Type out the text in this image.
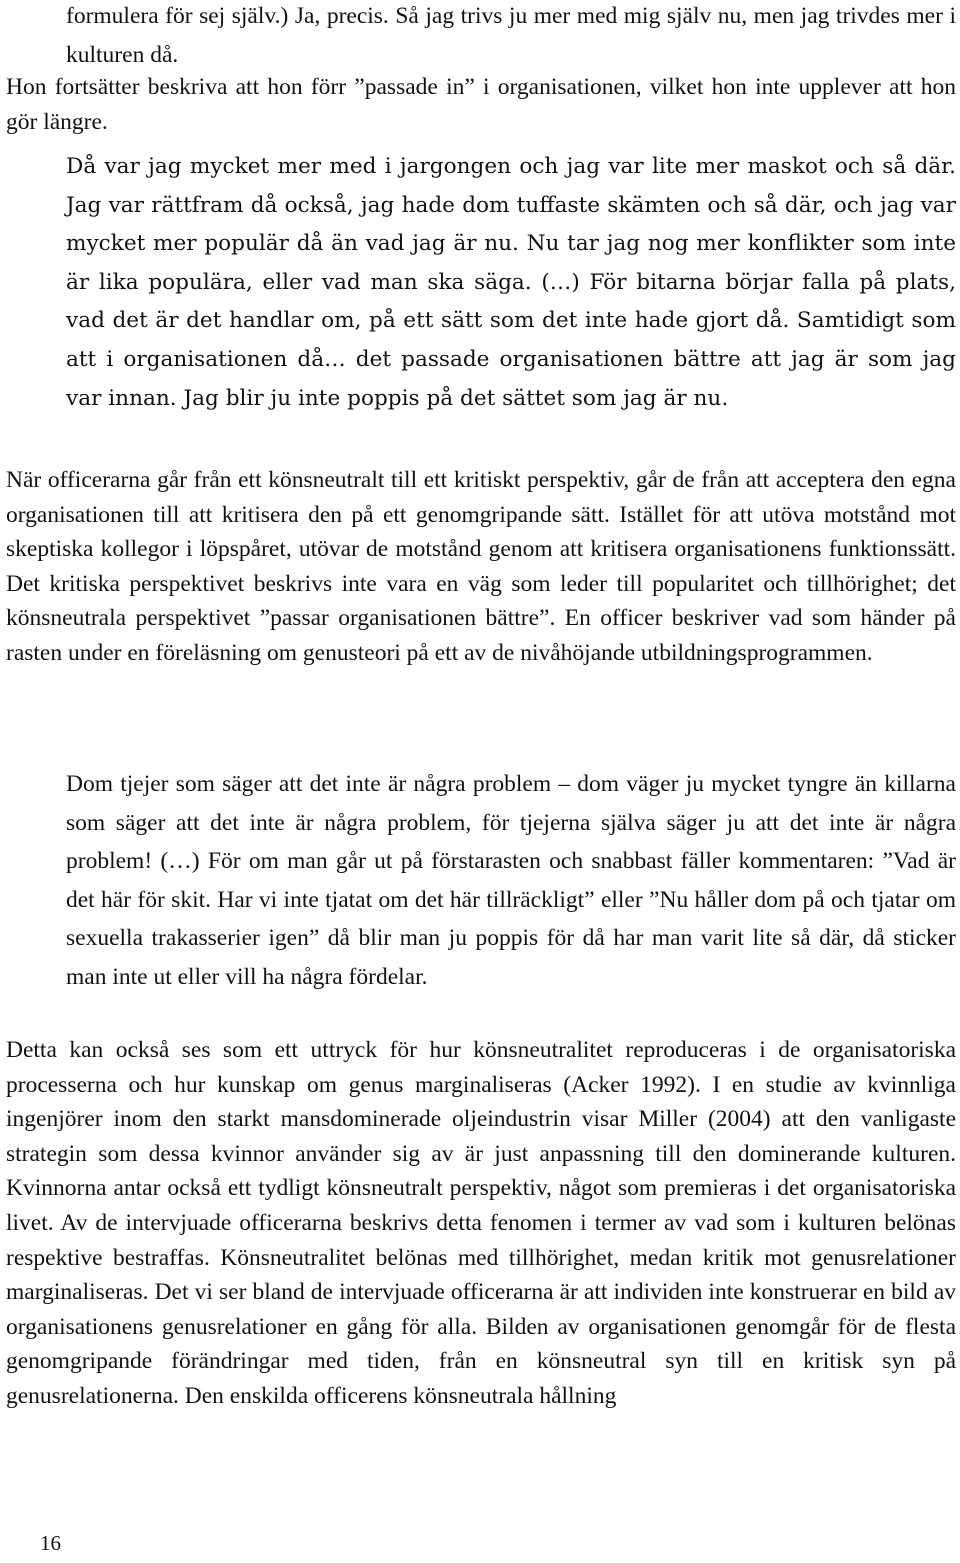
formulera för sej själv.) Ja, precis. Så jag trivs ju mer med mig själv nu, men jag trivdes mer i kulturen då.

Hon fortsätter beskriva att hon förr ”passade in” i organisationen, vilket hon inte upplever att hon gör längre.

Då var jag mycket mer med i jargongen och jag var lite mer maskot och så där. Jag var rättfram då också, jag hade dom tuffaste skämten och så där, och jag var mycket mer populär då än vad jag är nu. Nu tar jag nog mer konflikter som inte är lika populära, eller vad man ska säga. (…) För bitarna börjar falla på plats, vad det är det handlar om, på ett sätt som det inte hade gjort då. Samtidigt som att i organisationen då… det passade organisationen bättre att jag är som jag var innan. Jag blir ju inte poppis på det sättet som jag är nu.

När officerarna går från ett könsneutralt till ett kritiskt perspektiv, går de från att acceptera den egna organisationen till att kritisera den på ett genomgripande sätt. Istället för att utöva motstånd mot skeptiska kollegor i löpspåret, utövar de motstånd genom att kritisera organisationens funktionssätt. Det kritiska perspektivet beskrivs inte vara en väg som leder till popularitet och tillhörighet; det könsneutrala perspektivet ”passar organisationen bättre”. En officer beskriver vad som händer på rasten under en föreläsning om genusteori på ett av de nivåhöjande utbildningsprogrammen.

Dom tjejer som säger att det inte är några problem – dom väger ju mycket tyngre än killarna som säger att det inte är några problem, för tjejerna själva säger ju att det inte är några problem! (…) För om man går ut på förstarasten och snabbast fäller kommentaren: ”Vad är det här för skit. Har vi inte tjatat om det här tillräckligt” eller ”Nu håller dom på och tjatar om sexuella trakasserier igen” då blir man ju poppis för då har man varit lite så där, då sticker man inte ut eller vill ha några fördelar.

Detta kan också ses som ett uttryck för hur könsneutralitet reproduceras i de organisatoriska processerna och hur kunskap om genus marginaliseras (Acker 1992). I en studie av kvinnliga ingenjörer inom den starkt mansdominerade oljeindustrin visar Miller (2004) att den vanligaste strategin som dessa kvinnor använder sig av är just anpassning till den dominerande kulturen. Kvinnorna antar också ett tydligt könsneutralt perspektiv, något som premieras i det organisatoriska livet. Av de intervjuade officerarna beskrivs detta fenomen i termer av vad som i kulturen belönas respektive bestraffas. Könsneutralitet belönas med tillhörighet, medan kritik mot genusrelationer marginaliseras. Det vi ser bland de intervjuade officerarna är att individen inte konstruerar en bild av organisationens genusrelationer en gång för alla. Bilden av organisationen genomgår för de flesta genomgripande förändringar med tiden, från en könsneutral syn till en kritisk syn på genusrelationerna. Den enskilda officerens könsneutrala hållning

16
